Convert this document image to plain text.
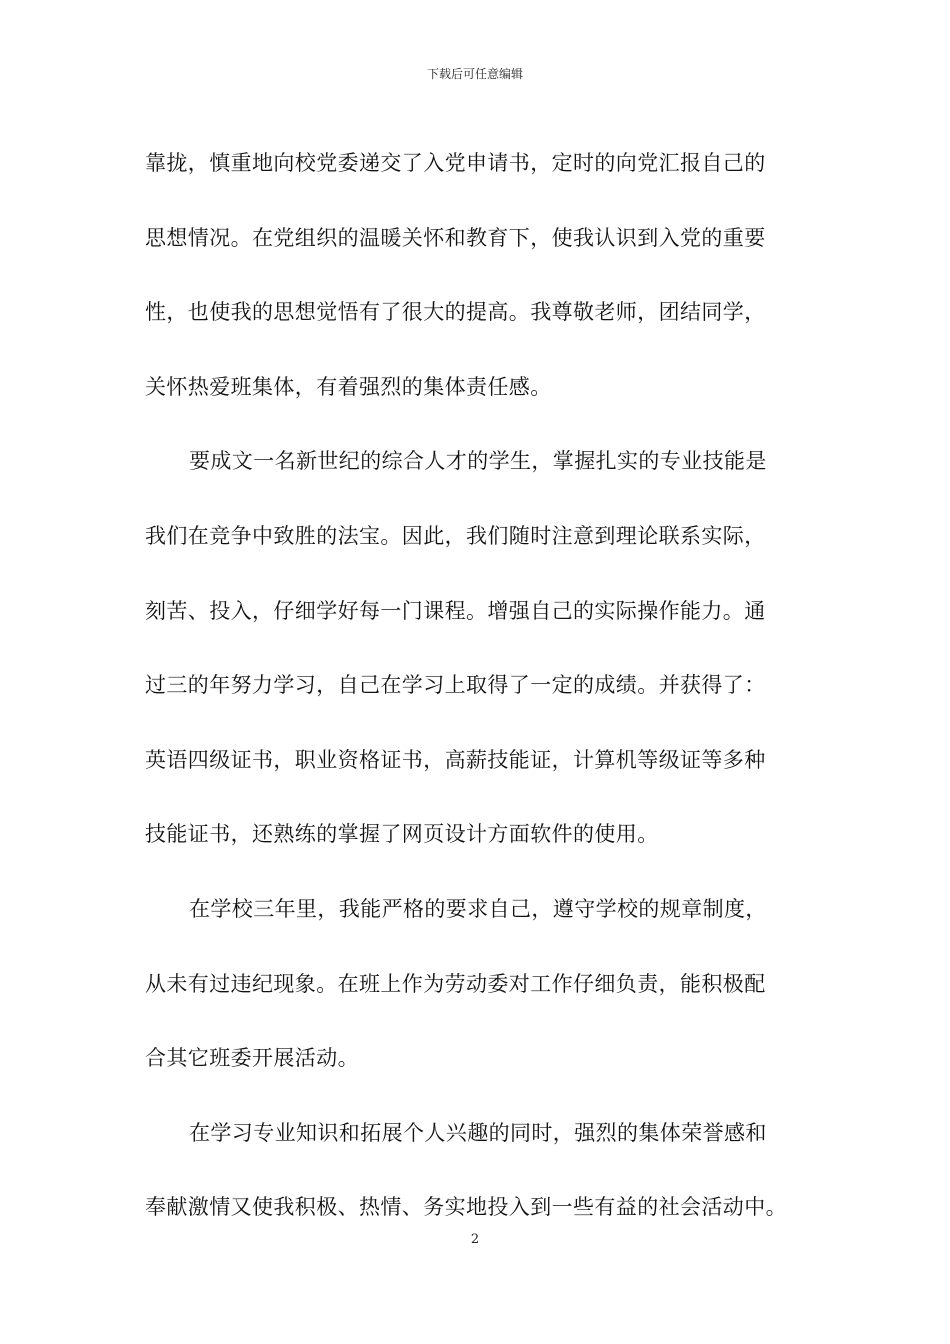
下载后可任意编辑

靠拢，慎重地向校党委递交了入党申请书，定时的向党汇报自己的
思想情况。在党组织的温暖关怀和教育下，使我认识到入党的重要
性，也使我的思想觉悟有了很大的提高。我尊敬老师，团结同学，
关怀热爱班集体，有着强烈的集体责任感。

要成文一名新世纪的综合人才的学生，掌握扎实的专业技能是
我们在竞争中致胜的法宝。因此，我们随时注意到理论联系实际，
刻苦、投入，仔细学好每一门课程。增强自己的实际操作能力。通
过三的年努力学习，自己在学习上取得了一定的成绩。并获得了：
英语四级证书，职业资格证书，高薪技能证，计算机等级证等多种
技能证书，还熟练的掌握了网页设计方面软件的使用。

在学校三年里，我能严格的要求自己，遵守学校的规章制度，
从未有过违纪现象。在班上作为劳动委对工作仔细负责，能积极配
合其它班委开展活动。

在学习专业知识和拓展个人兴趣的同时，强烈的集体荣誉感和
奉献激情又使我积极、热情、务实地投入到一些有益的社会活动中。

2
